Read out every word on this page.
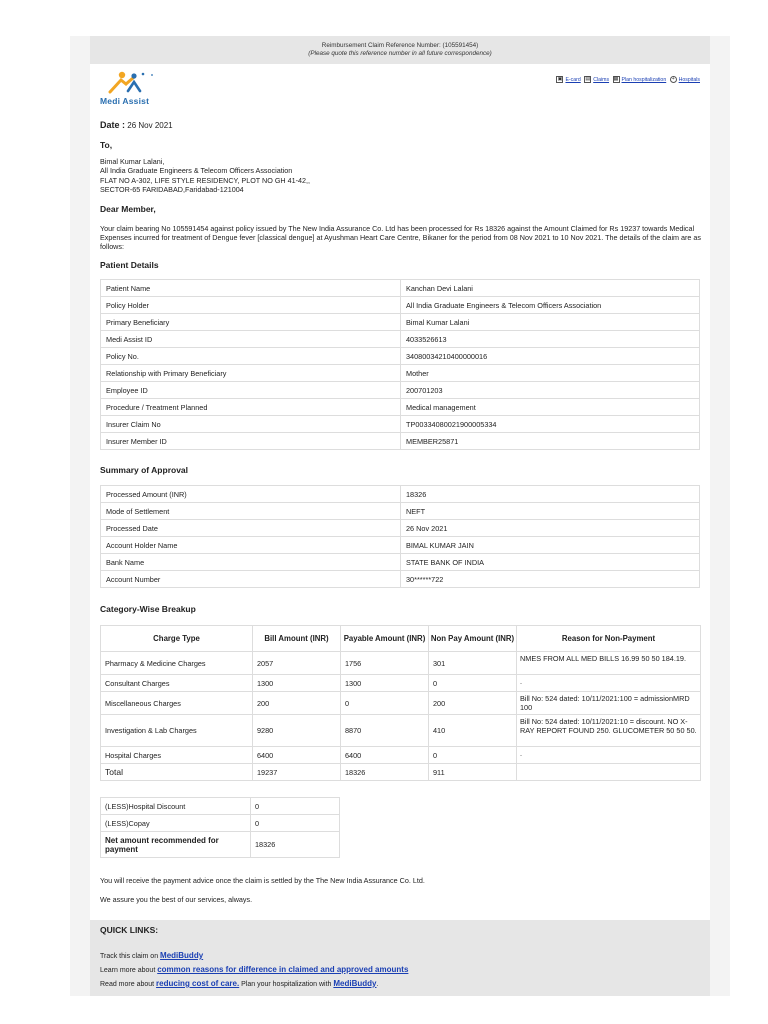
Reimbursement Claim Reference Number: (105591454)
(Please quote this reference number in all future correspondence)
Medi Assist
▣ E-card ▤ Claims ▦ Plan hospitalization + Hospitals
Date : 26 Nov 2021
To,
Bimal Kumar Lalani,
All India Graduate Engineers & Telecom Officers Association
FLAT NO A-302, LIFE STYLE RESIDENCY, PLOT NO GH 41-42,,
SECTOR-65 FARIDABAD,Faridabad-121004
Dear Member,
Your claim bearing No 105591454 against policy issued by The New India Assurance Co. Ltd has been processed for Rs 18326 against the Amount Claimed for Rs 19237 towards Medical Expenses incurred for treatment of Dengue fever [classical dengue] at Ayushman Heart Care Centre, Bikaner for the period from 08 Nov 2021 to 10 Nov 2021. The details of the claim are as follows:
Patient Details
Patient Name	Kanchan Devi Lalani
Policy Holder	All India Graduate Engineers & Telecom Officers Association
Primary Beneficiary	Bimal Kumar Lalani
Medi Assist ID	4033526613
Policy No.	34080034210400000016
Relationship with Primary Beneficiary	Mother
Employee ID	200701203
Procedure / Treatment Planned	Medical management
Insurer Claim No	TP00334080021900005334
Insurer Member ID	MEMBER25871
Summary of Approval
Processed Amount (INR)	18326
Mode of Settlement	NEFT
Processed Date	26 Nov 2021
Account Holder Name	BIMAL KUMAR JAIN
Bank Name	STATE BANK OF INDIA
Account Number	30******722
Category-Wise Breakup
Charge Type	Bill Amount (INR)	Payable Amount (INR)	Non Pay Amount (INR)	Reason for Non-Payment
Pharmacy & Medicine Charges	2057	1756	301	NMES FROM ALL MED BILLS 16.99 50 50 184.19.
Consultant Charges	1300	1300	0	.
Miscellaneous Charges	200	0	200	Bill No: 524 dated: 10/11/2021:100 = admissionMRD 100
Investigation & Lab Charges	9280	8870	410	Bill No: 524 dated: 10/11/2021:10 = discount. NO X-RAY REPORT FOUND 250. GLUCOMETER 50 50 50.
Hospital Charges	6400	6400	0	.
Total	19237	18326	911	
(LESS)Hospital Discount	0
(LESS)Copay	0
Net amount recommended for payment	18326
You will receive the payment advice once the claim is settled by the The New India Assurance Co. Ltd.
We assure you the best of our services, always.
QUICK LINKS:
Track this claim on MediBuddy
Learn more about common reasons for difference in claimed and approved amounts
Read more about reducing cost of care. Plan your hospitalization with MediBuddy.
